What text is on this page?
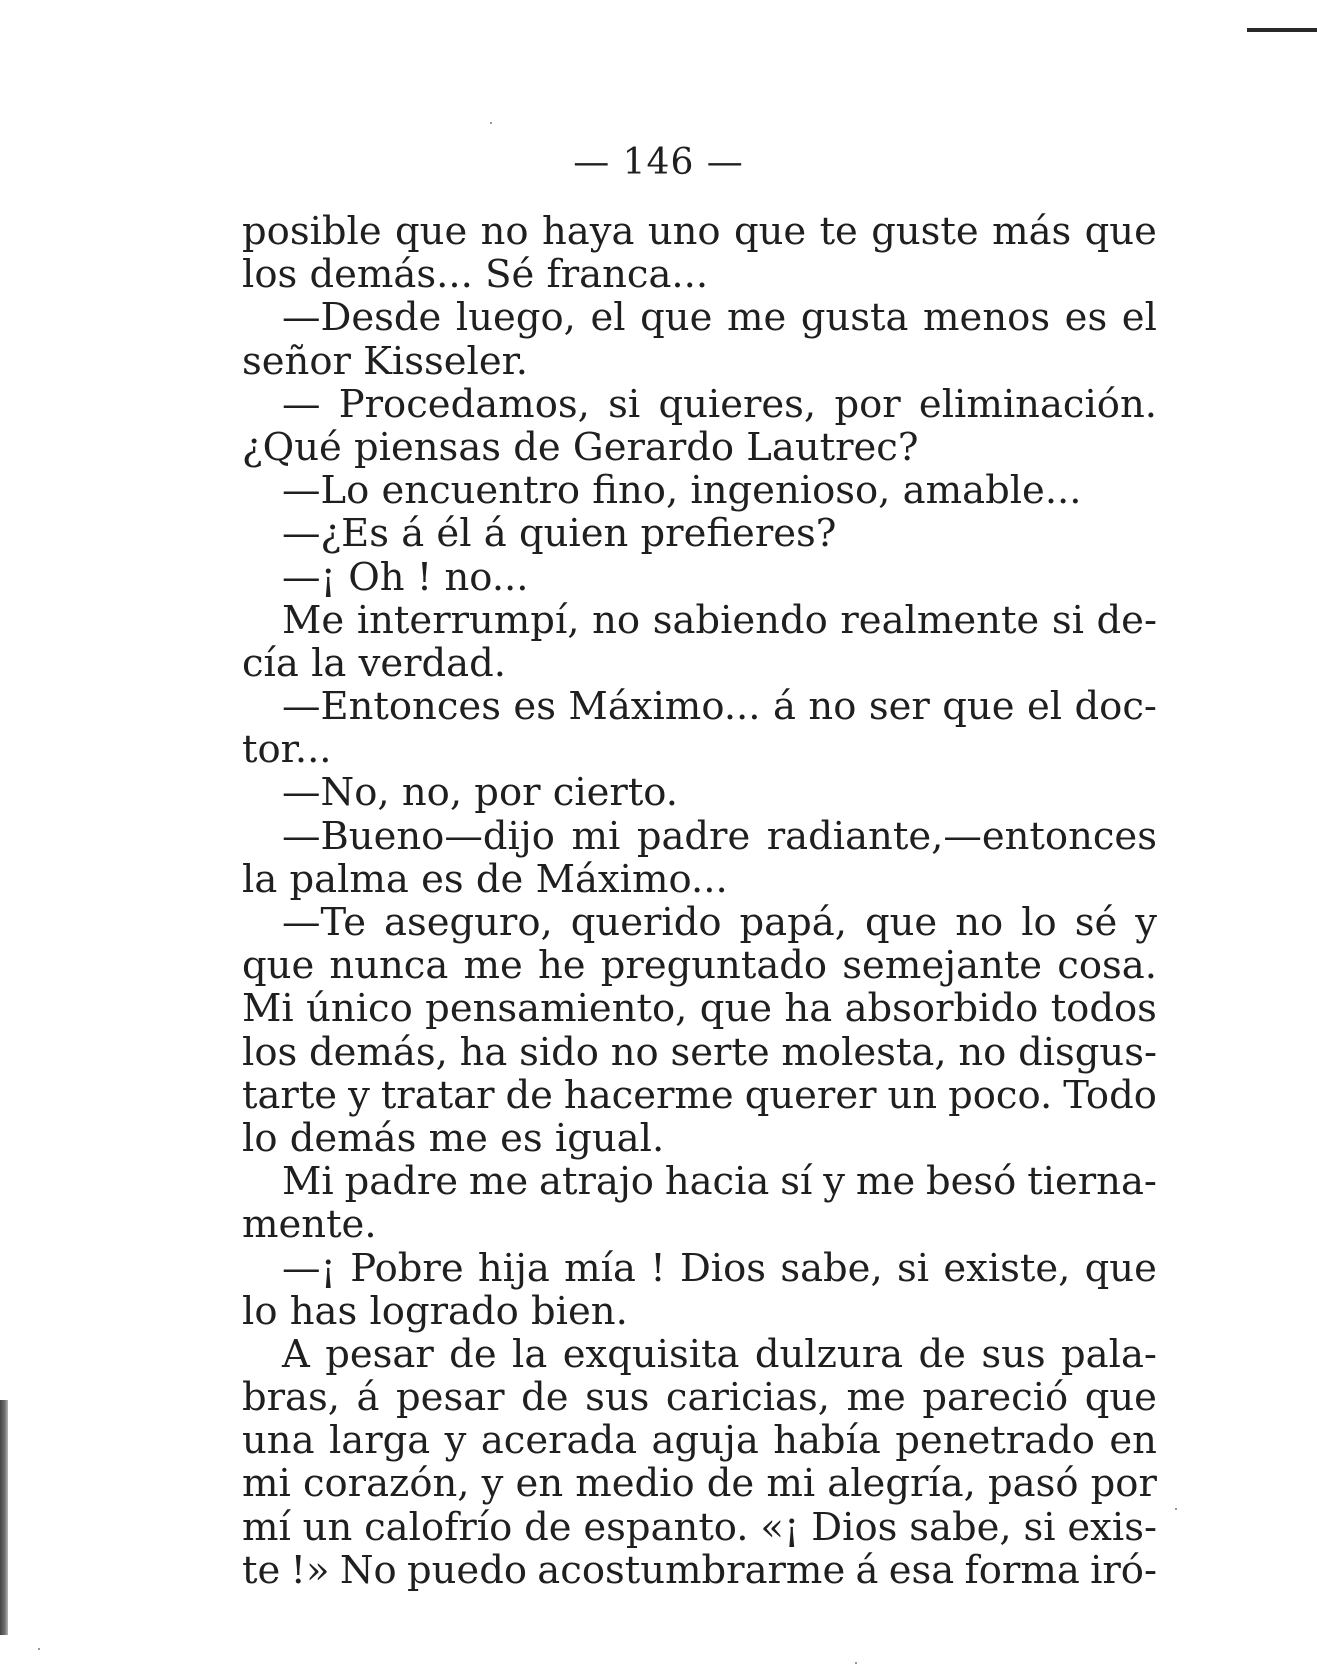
— 146 —
posible que no haya uno que te guste más que
los demás... Sé franca...
—Desde luego, el que me gusta menos es el
señor Kisseler.
— Procedamos, si quieres, por eliminación.
¿Qué piensas de Gerardo Lautrec?
—Lo encuentro fino, ingenioso, amable...
—¿Es á él á quien prefieres?
—¡ Oh ! no...
Me interrumpí, no sabiendo realmente si de-
cía la verdad.
—Entonces es Máximo... á no ser que el doc-
tor...
—No, no, por cierto.
—Bueno—dijo mi padre radiante,—entonces
la palma es de Máximo...
—Te aseguro, querido papá, que no lo sé y
que nunca me he preguntado semejante cosa.
Mi único pensamiento, que ha absorbido todos
los demás, ha sido no serte molesta, no disgus-
tarte y tratar de hacerme querer un poco. Todo
lo demás me es igual.
Mi padre me atrajo hacia sí y me besó tierna-
mente.
—¡ Pobre hija mía ! Dios sabe, si existe, que
lo has logrado bien.
A pesar de la exquisita dulzura de sus pala-
bras, á pesar de sus caricias, me pareció que
una larga y acerada aguja había penetrado en
mi corazón, y en medio de mi alegría, pasó por
mí un calofrío de espanto. «¡ Dios sabe, si exis-
te !» No puedo acostumbrarme á esa forma iró-
